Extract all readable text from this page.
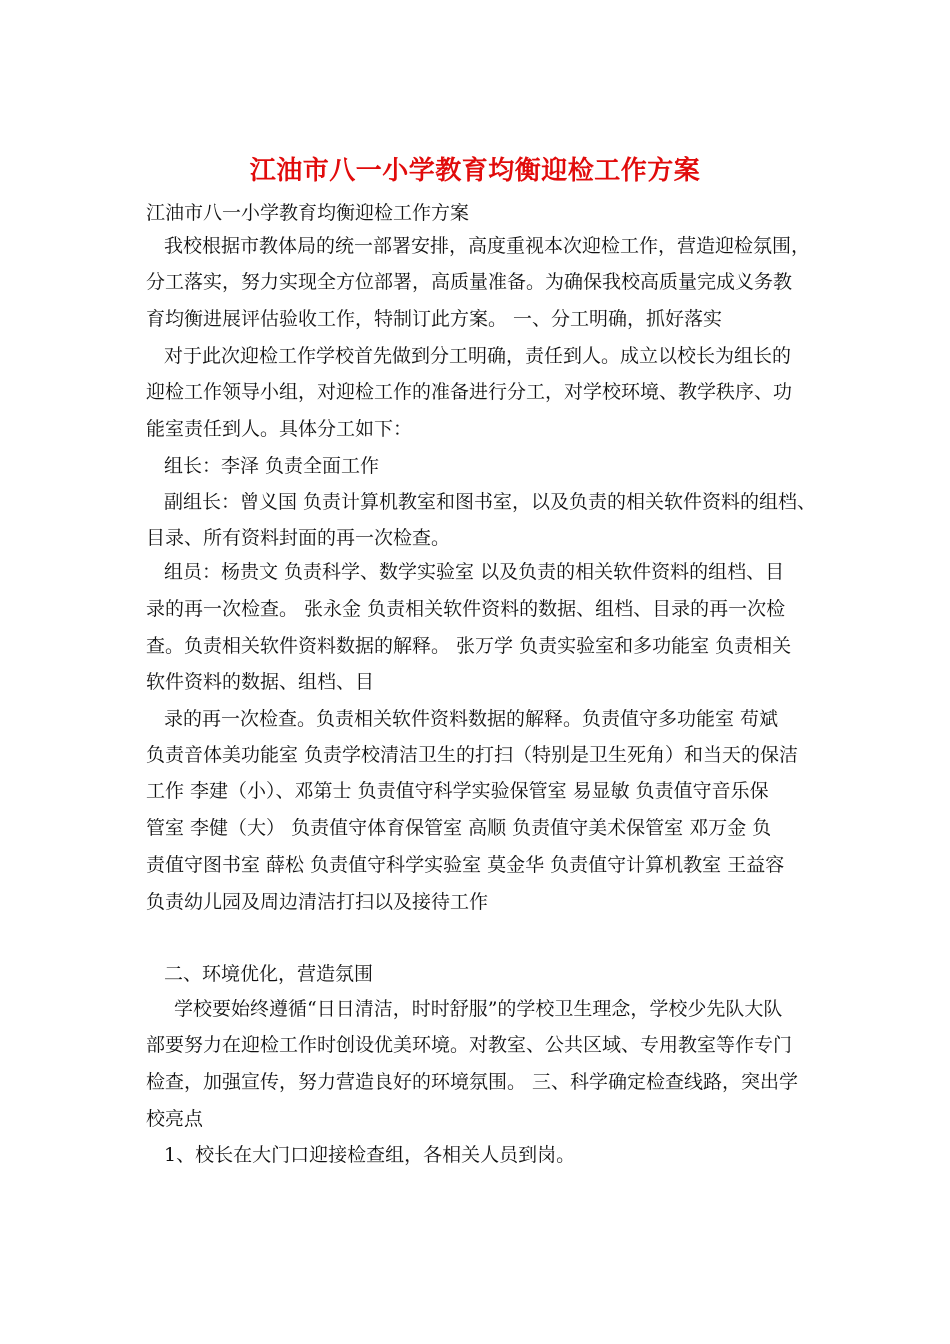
江油市八一小学教育均衡迎检工作方案
江油市八一小学教育均衡迎检工作方案
我校根据市教体局的统一部署安排，高度重视本次迎检工作，营造迎检氛围，
分工落实，努力实现全方位部署，高质量准备。为确保我校高质量完成义务教
育均衡进展评估验收工作，特制订此方案。 一、分工明确，抓好落实
对于此次迎检工作学校首先做到分工明确，责任到人。成立以校长为组长的
迎检工作领导小组，对迎检工作的准备进行分工，对学校环境、教学秩序、功
能室责任到人。具体分工如下：
组长：李泽 负责全面工作
副组长：曾义国 负责计算机教室和图书室，以及负责的相关软件资料的组档、
目录、所有资料封面的再一次检查。
组员：杨贵文 负责科学、数学实验室 以及负责的相关软件资料的组档、目
录的再一次检查。 张永金 负责相关软件资料的数据、组档、目录的再一次检
查。负责相关软件资料数据的解释。 张万学 负责实验室和多功能室 负责相关
软件资料的数据、组档、目
录的再一次检查。负责相关软件资料数据的解释。负责值守多功能室 苟斌
负责音体美功能室 负责学校清洁卫生的打扫（特别是卫生死角）和当天的保洁
工作 李建（小）、邓第士 负责值守科学实验保管室 易显敏 负责值守音乐保
管室 李健（大） 负责值守体育保管室 高顺 负责值守美术保管室 邓万金 负
责值守图书室 薛松 负责值守科学实验室 莫金华 负责值守计算机教室 王益容
负责幼儿园及周边清洁打扫以及接待工作
二、环境优化，营造氛围
学校要始终遵循“日日清洁，时时舒服”的学校卫生理念，学校少先队大队
部要努力在迎检工作时创设优美环境。对教室、公共区域、专用教室等作专门
检查，加强宣传，努力营造良好的环境氛围。 三、科学确定检查线路，突出学
校亮点
1、校长在大门口迎接检查组，各相关人员到岗。
